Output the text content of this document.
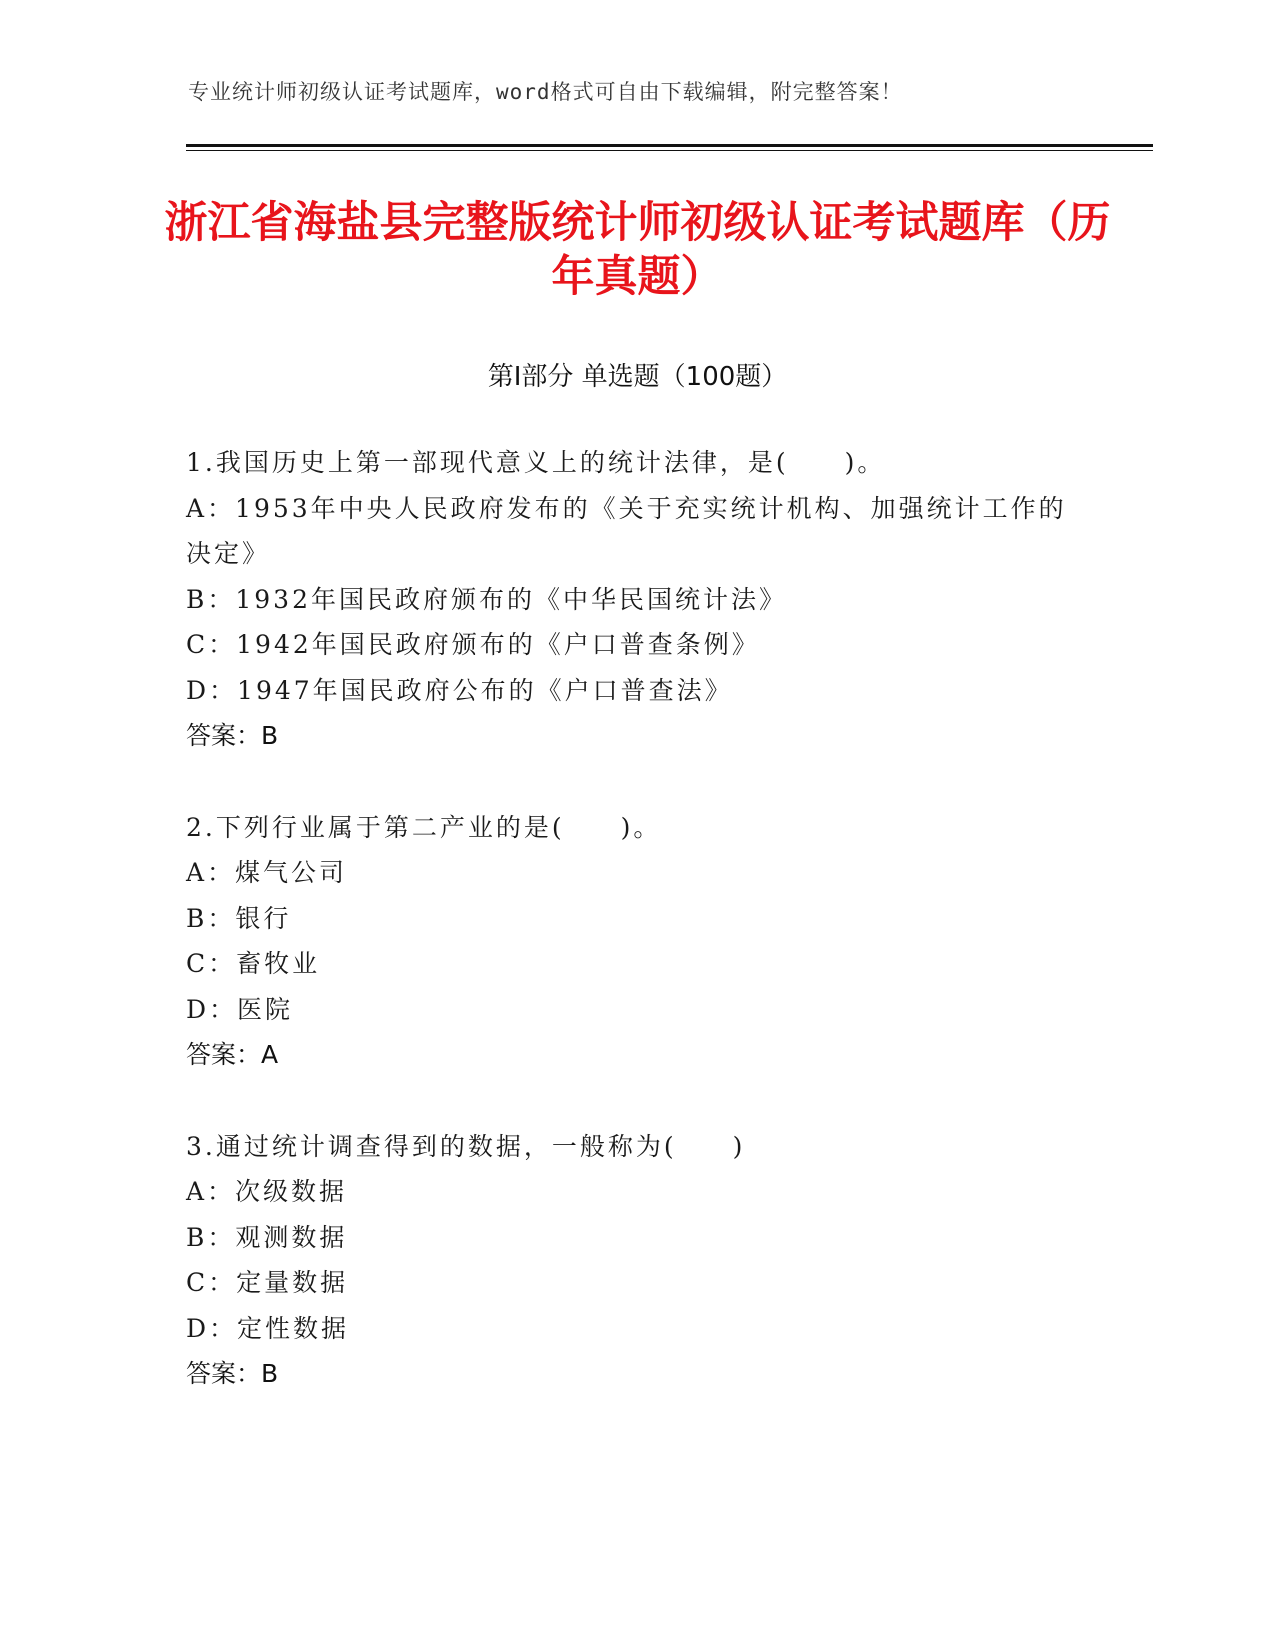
专业统计师初级认证考试题库，word格式可自由下载编辑，附完整答案！
浙江省海盐县完整版统计师初级认证考试题库（历年真题）
第Ⅰ部分 单选题（100题）
1.我国历史上第一部现代意义上的统计法律，是(　　)。
A：1953年中央人民政府发布的《关于充实统计机构、加强统计工作的决定》
B：1932年国民政府颁布的《中华民国统计法》
C：1942年国民政府颁布的《户口普查条例》
D：1947年国民政府公布的《户口普查法》
答案：B
2.下列行业属于第二产业的是(　　)。
A：煤气公司
B：银行
C：畜牧业
D：医院
答案：A
3.通过统计调查得到的数据，一般称为(　　)
A：次级数据
B：观测数据
C：定量数据
D：定性数据
答案：B
